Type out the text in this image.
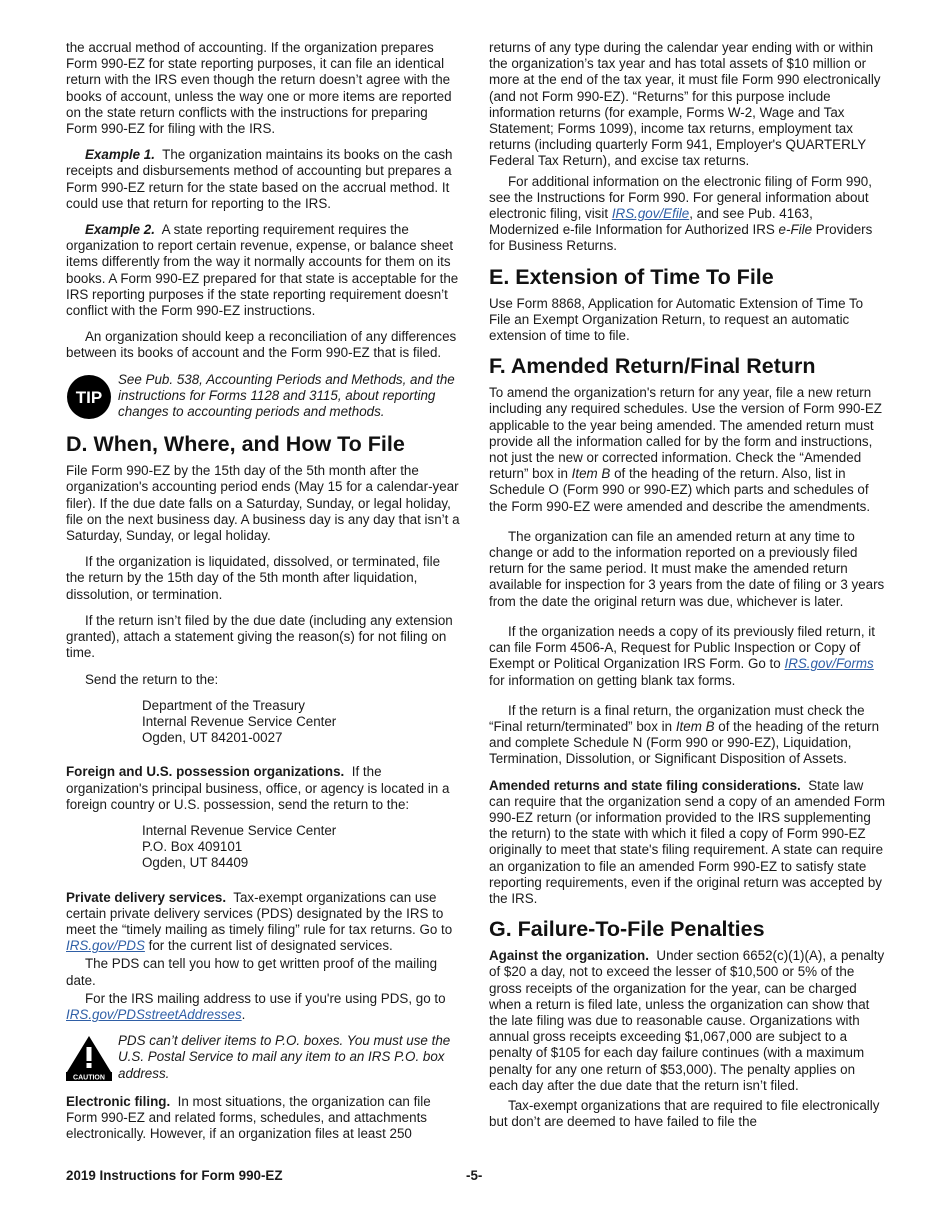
the accrual method of accounting. If the organization prepares Form 990-EZ for state reporting purposes, it can file an identical return with the IRS even though the return doesn’t agree with the books of account, unless the way one or more items are reported on the state return conflicts with the instructions for preparing Form 990-EZ for filing with the IRS.

Example 1. The organization maintains its books on the cash receipts and disbursements method of accounting but prepares a Form 990-EZ return for the state based on the accrual method. It could use that return for reporting to the IRS.

Example 2. A state reporting requirement requires the organization to report certain revenue, expense, or balance sheet items differently from the way it normally accounts for them on its books. A Form 990-EZ prepared for that state is acceptable for the IRS reporting purposes if the state reporting requirement doesn’t conflict with the Form 990-EZ instructions.

An organization should keep a reconciliation of any differences between its books of account and the Form 990-EZ that is filed.

TIP

See Pub. 538, Accounting Periods and Methods, and the instructions for Forms 1128 and 3115, about reporting changes to accounting periods and methods.

D. When, Where, and How To File

File Form 990-EZ by the 15th day of the 5th month after the organization's accounting period ends (May 15 for a calendar-year filer). If the due date falls on a Saturday, Sunday, or legal holiday, file on the next business day. A business day is any day that isn’t a Saturday, Sunday, or legal holiday.

If the organization is liquidated, dissolved, or terminated, file the return by the 15th day of the 5th month after liquidation, dissolution, or termination.

If the return isn’t filed by the due date (including any extension granted), attach a statement giving the reason(s) for not filing on time.

Send the return to the:

Department of the Treasury
Internal Revenue Service Center
Ogden, UT 84201-0027

Foreign and U.S. possession organizations. If the organization's principal business, office, or agency is located in a foreign country or U.S. possession, send the return to the:

Internal Revenue Service Center
P.O. Box 409101
Ogden, UT 84409

Private delivery services. Tax-exempt organizations can use certain private delivery services (PDS) designated by the IRS to meet the “timely mailing as timely filing” rule for tax returns. Go to IRS.gov/PDS for the current list of designated services.

The PDS can tell you how to get written proof of the mailing date.

For the IRS mailing address to use if you're using PDS, go to IRS.gov/PDSstreetAddresses.

CAUTION

PDS can’t deliver items to P.O. boxes. You must use the U.S. Postal Service to mail any item to an IRS P.O. box address.

Electronic filing. In most situations, the organization can file Form 990-EZ and related forms, schedules, and attachments electronically. However, if an organization files at least 250

returns of any type during the calendar year ending with or within the organization’s tax year and has total assets of $10 million or more at the end of the tax year, it must file Form 990 electronically (and not Form 990-EZ). “Returns” for this purpose include information returns (for example, Forms W-2, Wage and Tax Statement; Forms 1099), income tax returns, employment tax returns (including quarterly Form 941, Employer's QUARTERLY Federal Tax Return), and excise tax returns.

For additional information on the electronic filing of Form 990, see the Instructions for Form 990. For general information about electronic filing, visit IRS.gov/Efile, and see Pub. 4163, Modernized e-file Information for Authorized IRS e-File Providers for Business Returns.

E. Extension of Time To File

Use Form 8868, Application for Automatic Extension of Time To File an Exempt Organization Return, to request an automatic extension of time to file.

F. Amended Return/Final Return

To amend the organization's return for any year, file a new return including any required schedules. Use the version of Form 990-EZ applicable to the year being amended. The amended return must provide all the information called for by the form and instructions, not just the new or corrected information. Check the “Amended return” box in Item B of the heading of the return. Also, list in Schedule O (Form 990 or 990-EZ) which parts and schedules of the Form 990-EZ were amended and describe the amendments.

The organization can file an amended return at any time to change or add to the information reported on a previously filed return for the same period. It must make the amended return available for inspection for 3 years from the date of filing or 3 years from the date the original return was due, whichever is later.

If the organization needs a copy of its previously filed return, it can file Form 4506-A, Request for Public Inspection or Copy of Exempt or Political Organization IRS Form. Go to IRS.gov/Forms for information on getting blank tax forms.

If the return is a final return, the organization must check the “Final return/terminated” box in Item B of the heading of the return and complete Schedule N (Form 990 or 990-EZ), Liquidation, Termination, Dissolution, or Significant Disposition of Assets.

Amended returns and state filing considerations. State law can require that the organization send a copy of an amended Form 990-EZ return (or information provided to the IRS supplementing the return) to the state with which it filed a copy of Form 990-EZ originally to meet that state's filing requirement. A state can require an organization to file an amended Form 990-EZ to satisfy state reporting requirements, even if the original return was accepted by the IRS.

G. Failure-To-File Penalties

Against the organization. Under section 6652(c)(1)(A), a penalty of $20 a day, not to exceed the lesser of $10,500 or 5% of the gross receipts of the organization for the year, can be charged when a return is filed late, unless the organization can show that the late filing was due to reasonable cause. Organizations with annual gross receipts exceeding $1,067,000 are subject to a penalty of $105 for each day failure continues (with a maximum penalty for any one return of $53,000). The penalty applies on each day after the due date that the return isn’t filed.

Tax-exempt organizations that are required to file electronically but don’t are deemed to have failed to file the

2019 Instructions for Form 990-EZ	-5-
